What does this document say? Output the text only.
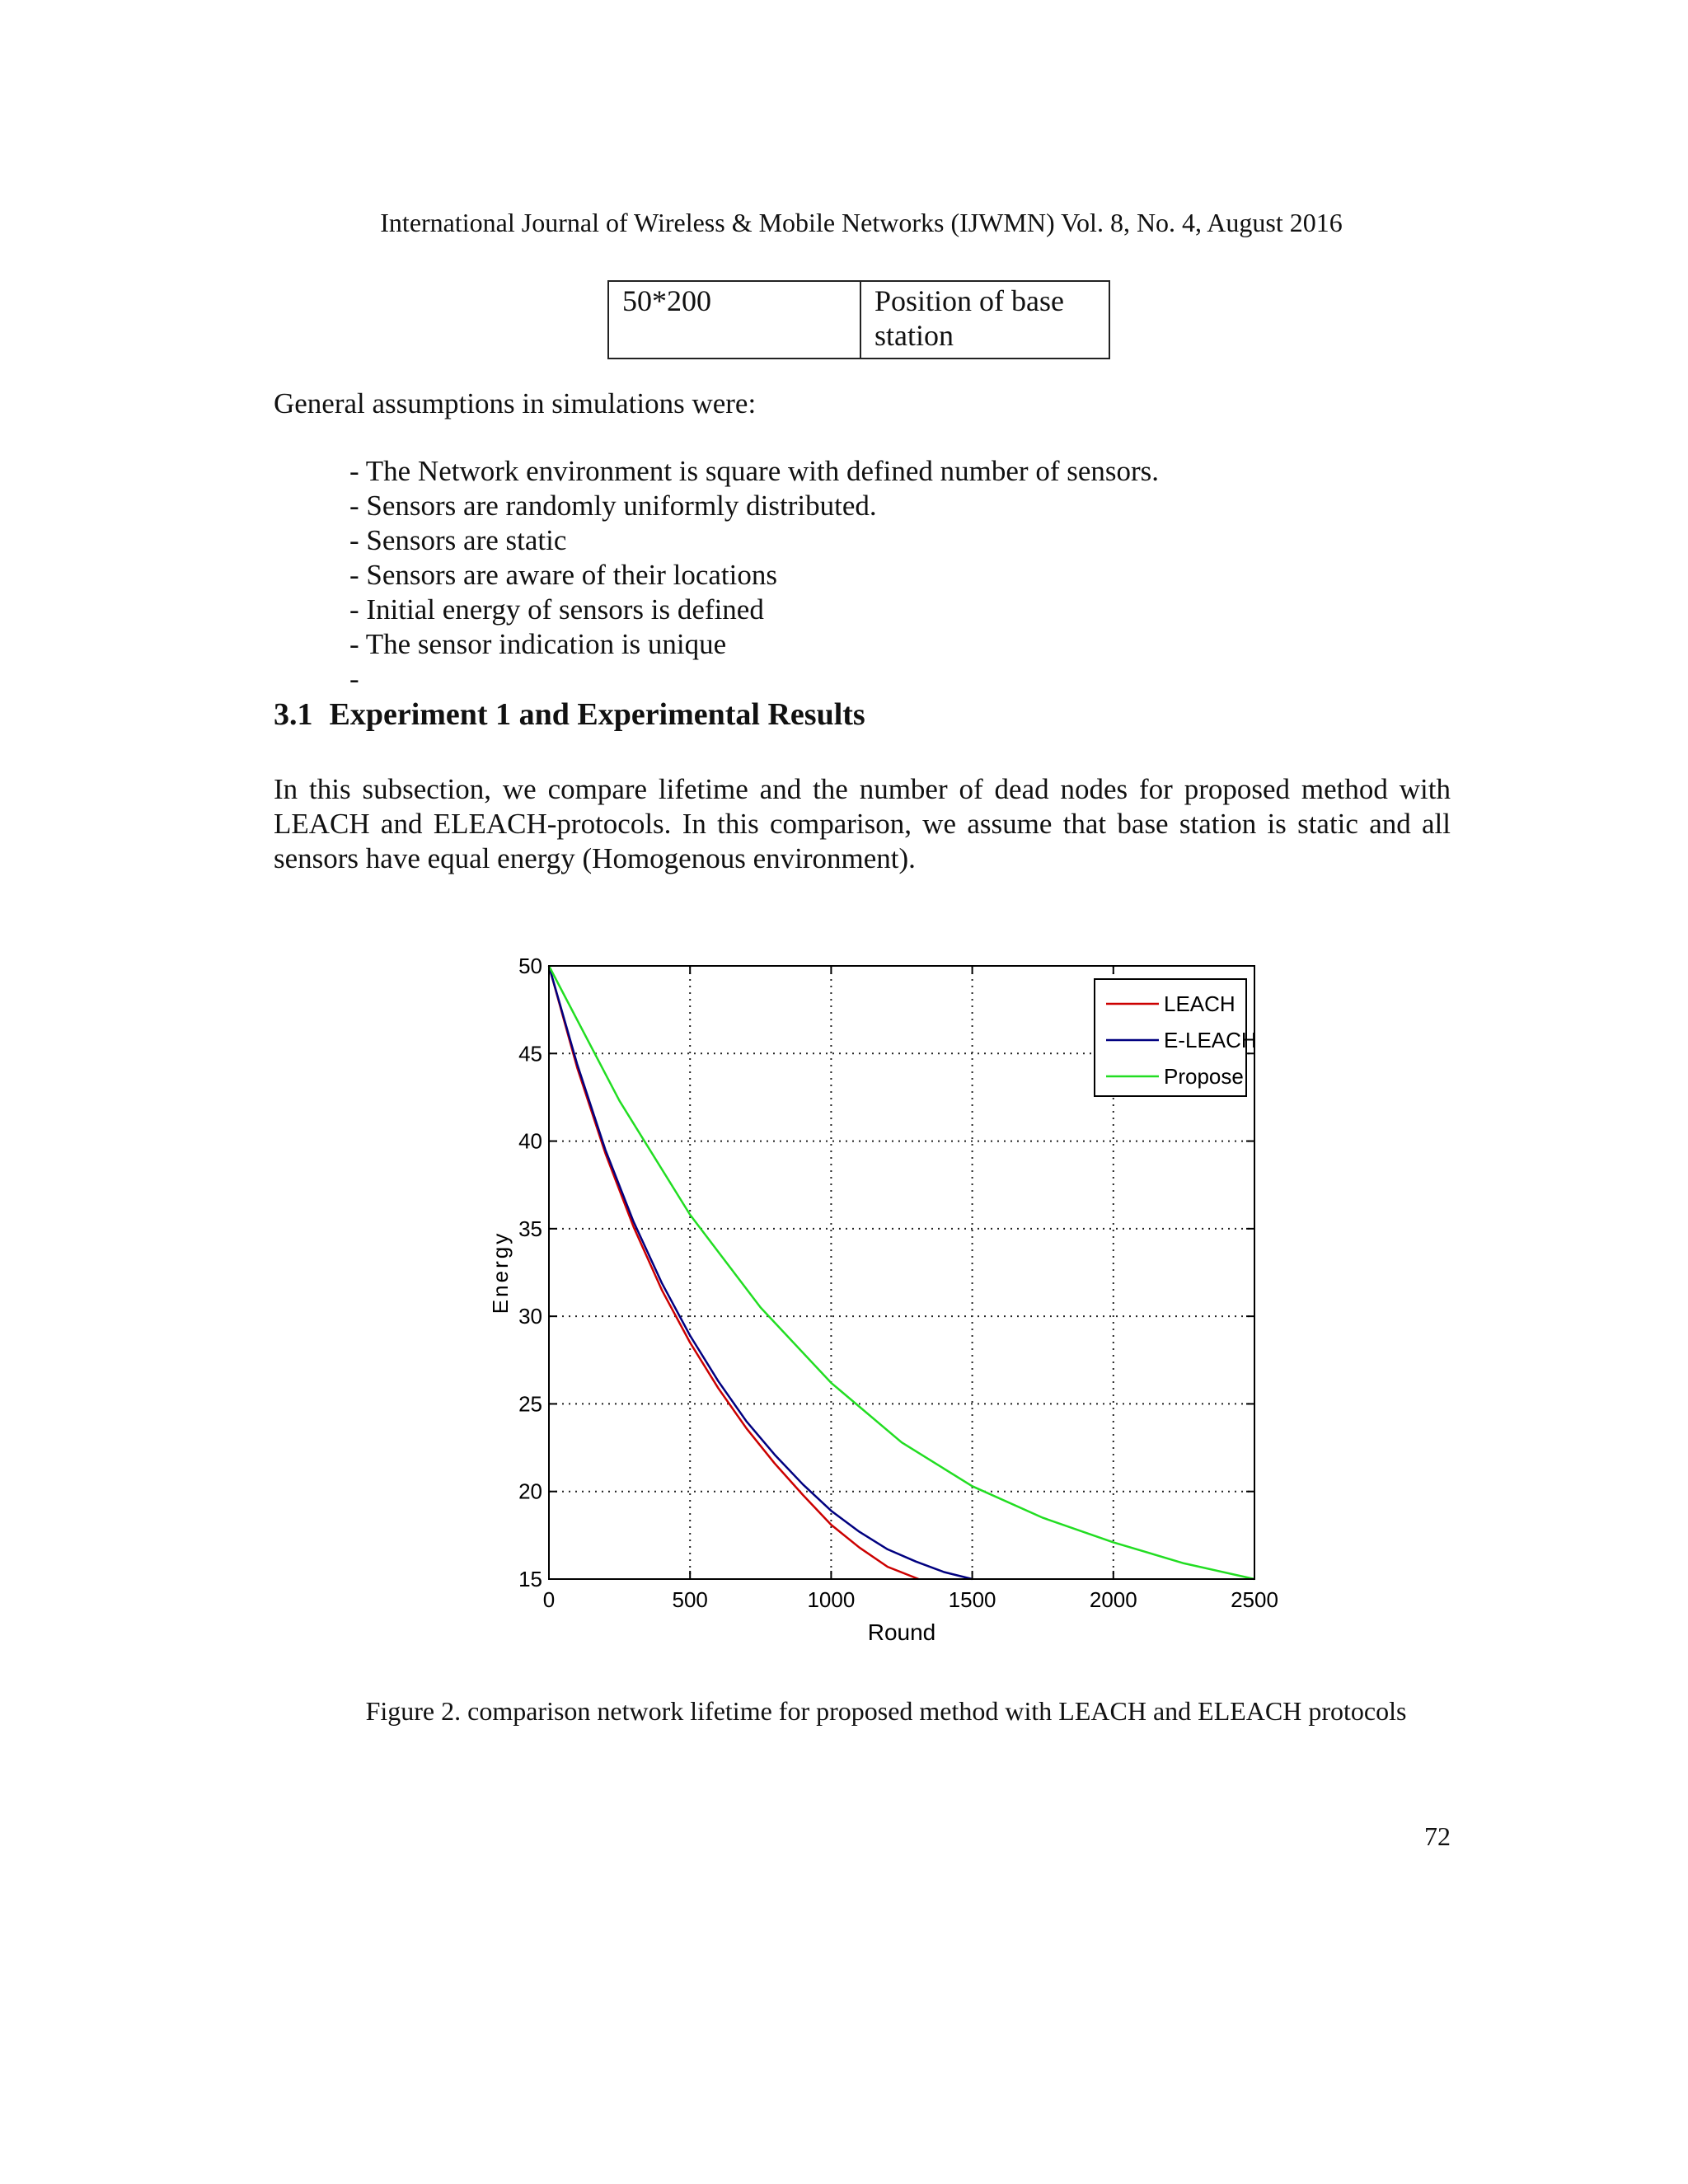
International Journal of Wireless & Mobile Networks (IJWMN) Vol. 8, No. 4, August 2016
50*200	Position of base station
General assumptions in simulations were:
- The Network environment is square with defined number of sensors.
- Sensors are randomly uniformly distributed.
- Sensors are static
- Sensors are aware of their locations
- Initial energy of sensors is defined
- The sensor indication is unique
-
3.1 Experiment 1 and Experimental Results
In this subsection, we compare lifetime and the number of dead nodes for proposed method with LEACH and ELEACH-protocols. In this comparison, we assume that base station is static and all sensors have equal energy (Homogenous environment).
0	500	1000	1500	2000	2500
15
20
25
30
35
40
45
50
Round
Energy
LEACH
E-LEACH
Propose
Figure 2. comparison network lifetime for proposed method with LEACH and ELEACH protocols
72
